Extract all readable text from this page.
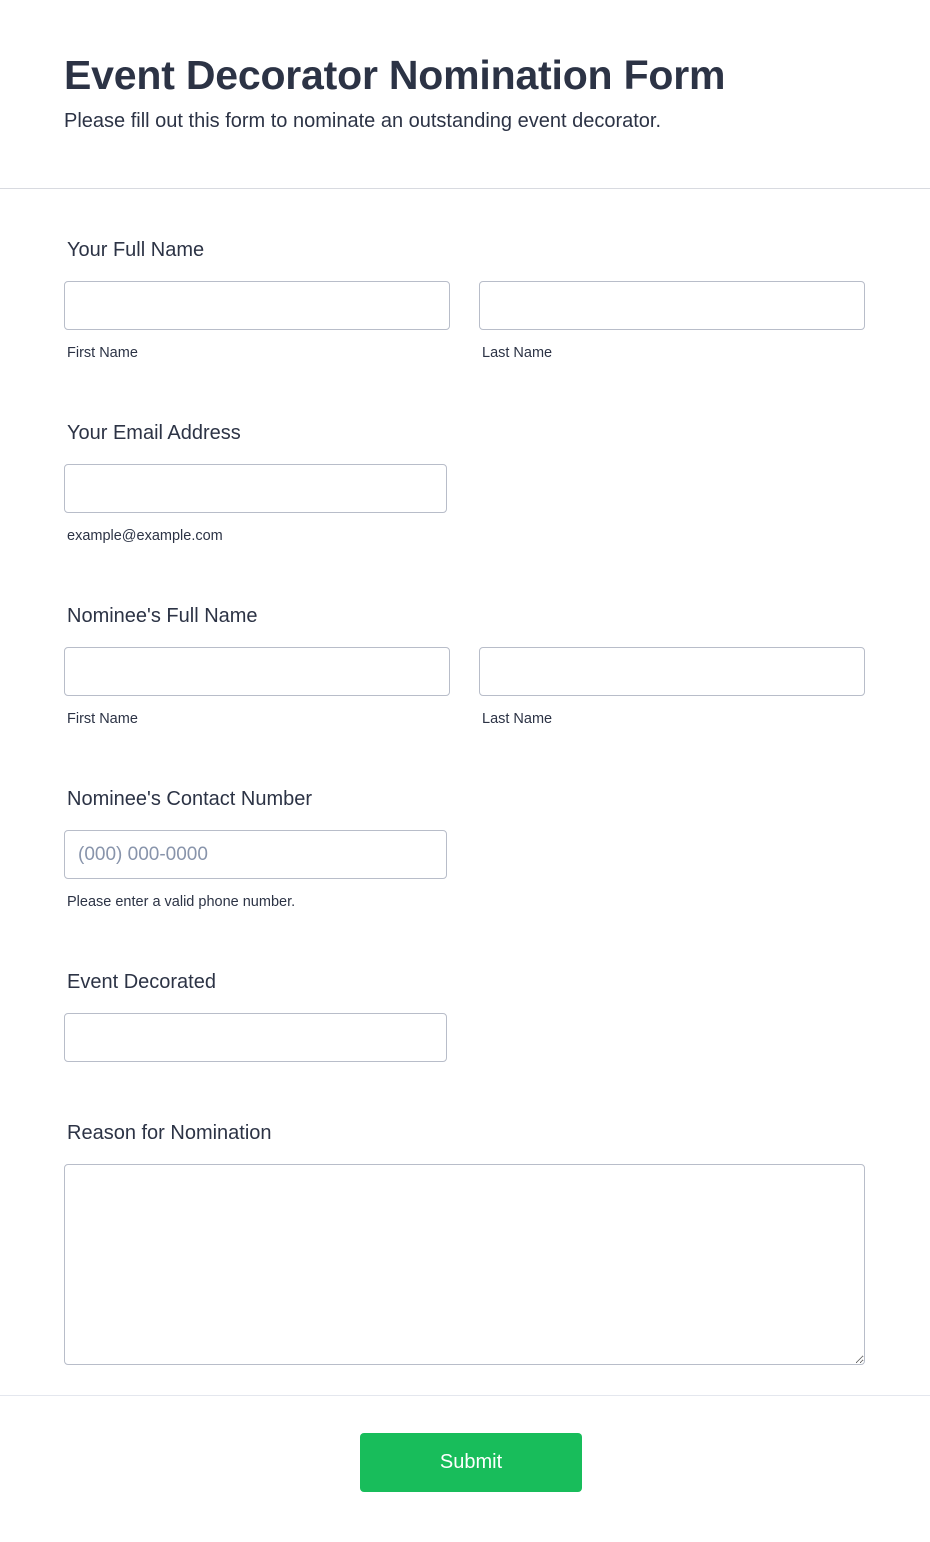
Event Decorator Nomination Form

Please fill out this form to nominate an outstanding event decorator.

Your Full Name
First Name	Last Name
Your Email Address
example@example.com
Nominee's Full Name
First Name	Last Name
Nominee's Contact Number
(000) 000-0000
Please enter a valid phone number.
Event Decorated
Reason for Nomination
Submit
